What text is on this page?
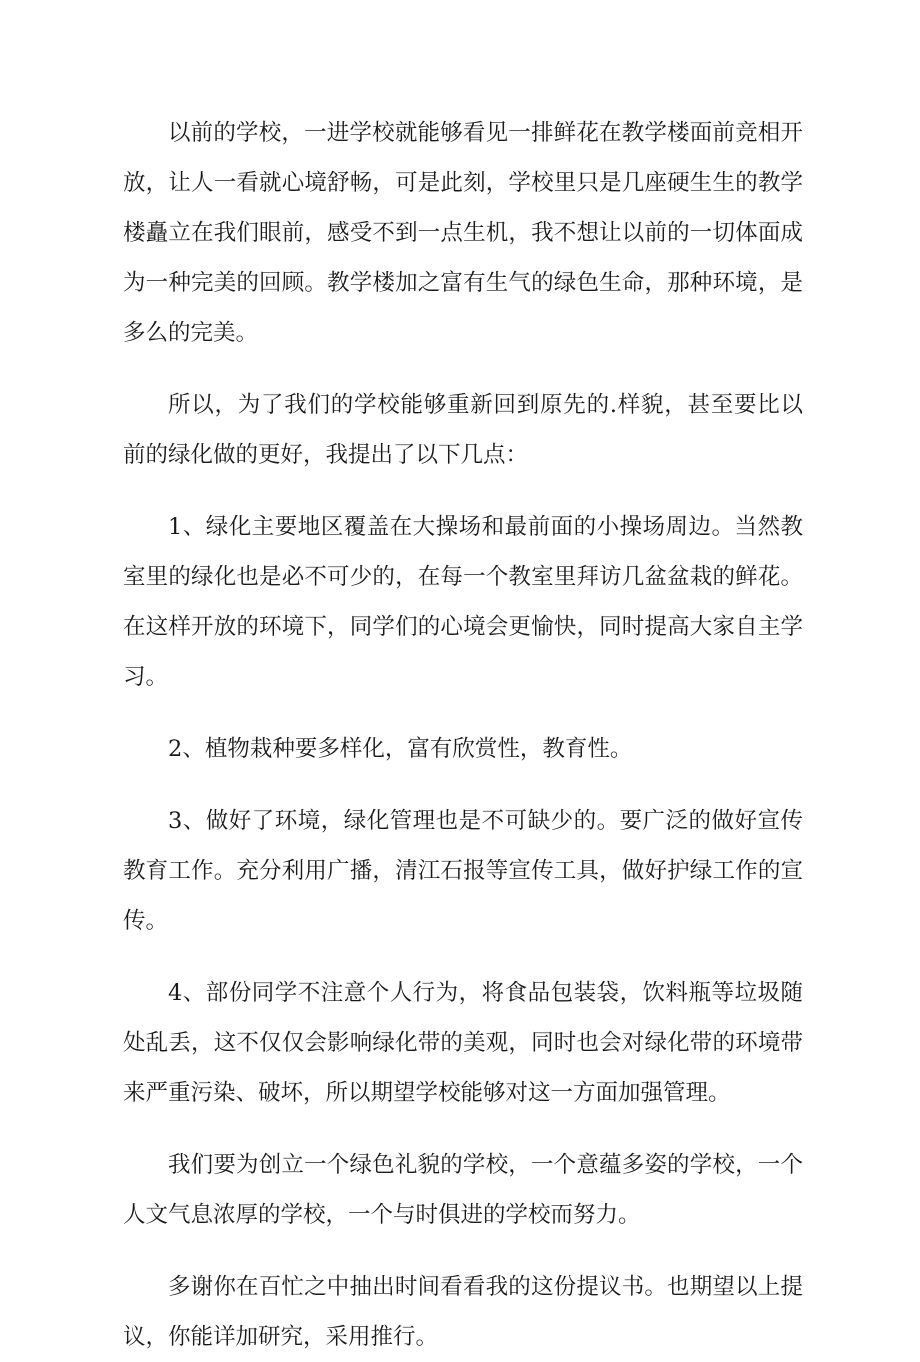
以前的学校，一进学校就能够看见一排鲜花在教学楼面前竞相开放，让人一看就心境舒畅，可是此刻，学校里只是几座硬生生的教学楼矗立在我们眼前，感受不到一点生机，我不想让以前的一切体面成为一种完美的回顾。教学楼加之富有生气的绿色生命，那种环境，是多么的完美。

所以，为了我们的学校能够重新回到原先的.样貌，甚至要比以前的绿化做的更好，我提出了以下几点：

1、绿化主要地区覆盖在大操场和最前面的小操场周边。当然教室里的绿化也是必不可少的，在每一个教室里拜访几盆盆栽的鲜花。在这样开放的环境下，同学们的心境会更愉快，同时提高大家自主学习。

2、植物栽种要多样化，富有欣赏性，教育性。

3、做好了环境，绿化管理也是不可缺少的。要广泛的做好宣传教育工作。充分利用广播，清江石报等宣传工具，做好护绿工作的宣传。

4、部份同学不注意个人行为，将食品包装袋，饮料瓶等垃圾随处乱丢，这不仅仅会影响绿化带的美观，同时也会对绿化带的环境带来严重污染、破坏，所以期望学校能够对这一方面加强管理。

我们要为创立一个绿色礼貌的学校，一个意蕴多姿的学校，一个人文气息浓厚的学校，一个与时俱进的学校而努力。

多谢你在百忙之中抽出时间看看我的这份提议书。也期望以上提议，你能详加研究，采用推行。
